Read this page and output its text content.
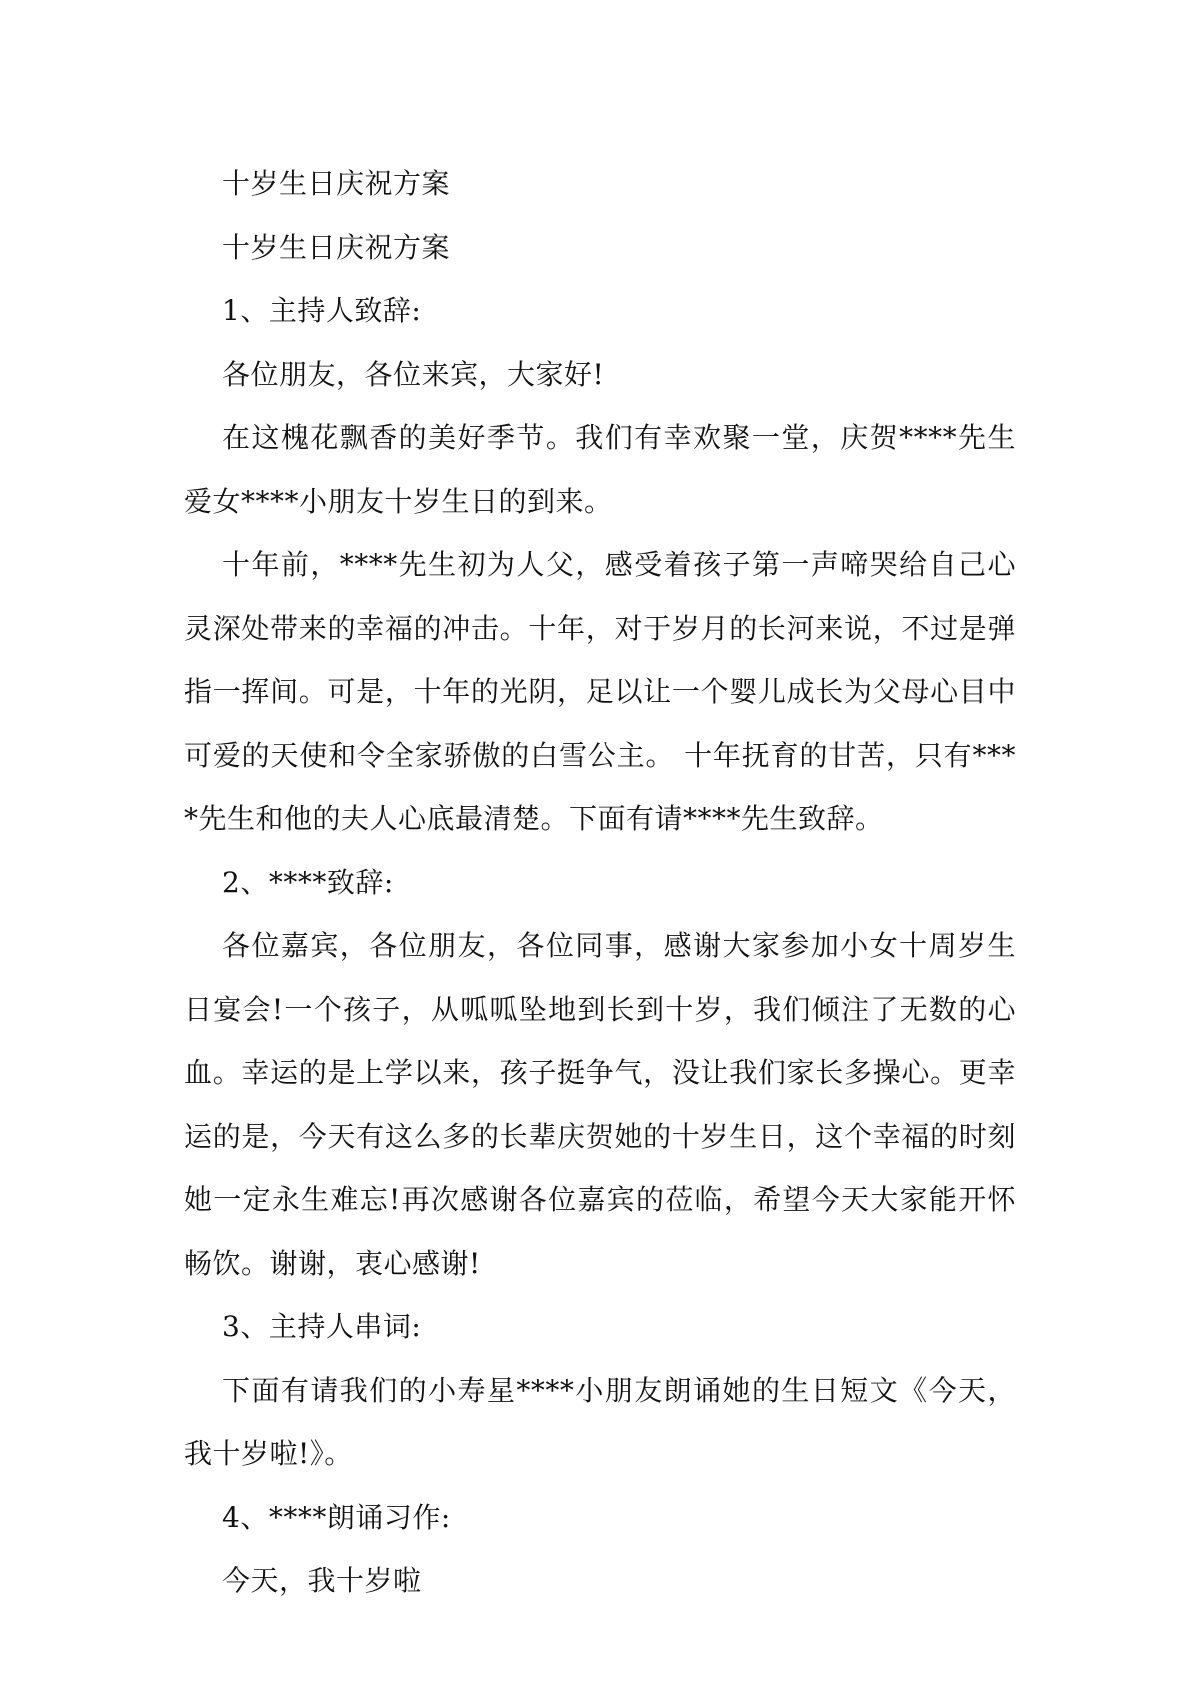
十岁生日庆祝方案

十岁生日庆祝方案

1、主持人致辞:

各位朋友，各位来宾，大家好!

在这槐花飘香的美好季节。我们有幸欢聚一堂，庆贺****先生爱女****小朋友十岁生日的到来。

十年前，****先生初为人父，感受着孩子第一声啼哭给自己心灵深处带来的幸福的冲击。十年，对于岁月的长河来说，不过是弹指一挥间。可是，十年的光阴，足以让一个婴儿成长为父母心目中可爱的天使和令全家骄傲的白雪公主。 十年抚育的甘苦，只有****先生和他的夫人心底最清楚。下面有请****先生致辞。

2、****致辞:

各位嘉宾，各位朋友，各位同事，感谢大家参加小女十周岁生日宴会!一个孩子，从呱呱坠地到长到十岁，我们倾注了无数的心血。幸运的是上学以来，孩子挺争气，没让我们家长多操心。更幸运的是，今天有这么多的长辈庆贺她的十岁生日，这个幸福的时刻她一定永生难忘!再次感谢各位嘉宾的莅临，希望今天大家能开怀畅饮。谢谢，衷心感谢!

3、主持人串词:

下面有请我们的小寿星****小朋友朗诵她的生日短文《今天，我十岁啦!》。

4、****朗诵习作:

今天，我十岁啦
